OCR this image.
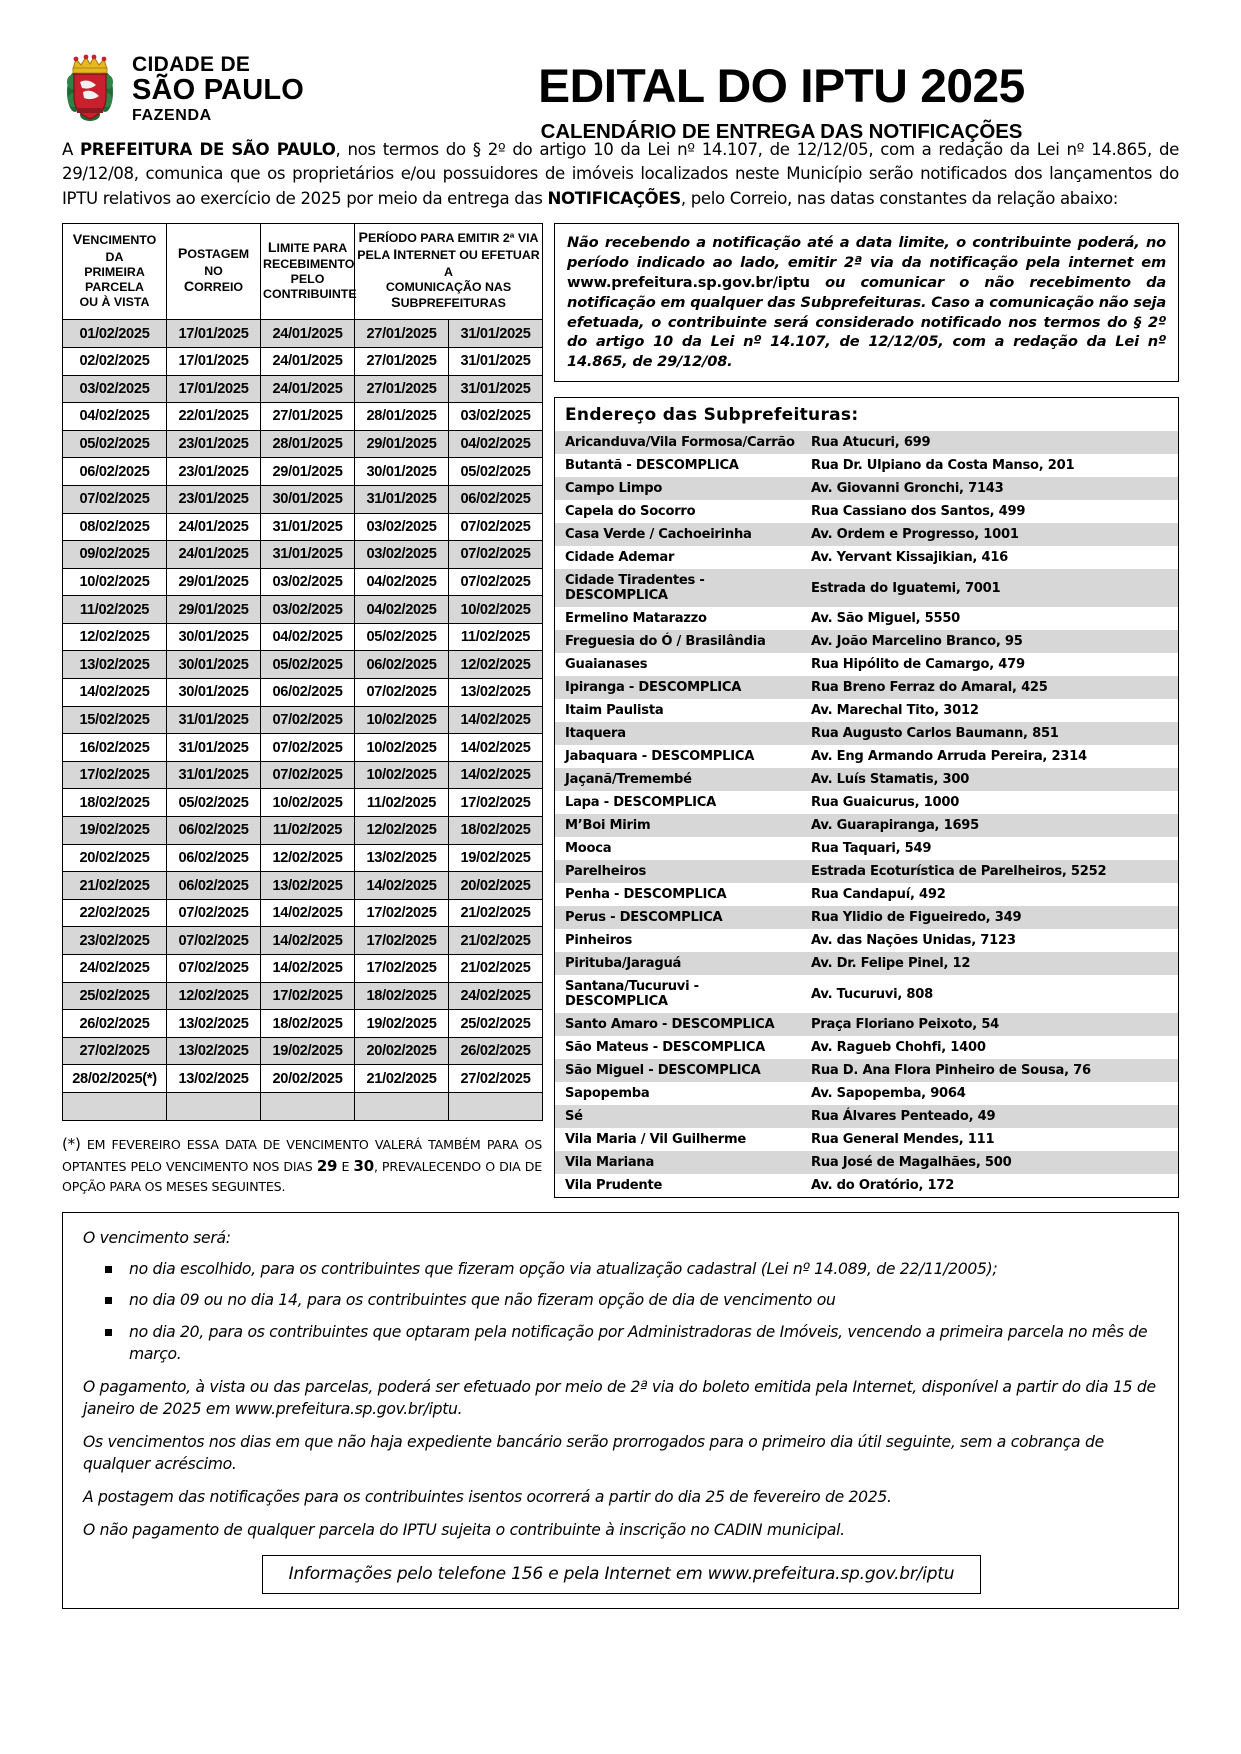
CIDADE DE
SÃO PAULO
FAZENDA
EDITAL DO IPTU 2025
CALENDÁRIO DE ENTREGA DAS NOTIFICAÇÕES
A PREFEITURA DE SÃO PAULO, nos termos do § 2º do artigo 10 da Lei nº 14.107, de 12/12/05, com a redação da Lei nº 14.865, de 29/12/08, comunica que os proprietários e/ou possuidores de imóveis localizados neste Município serão notificados dos lançamentos do IPTU relativos ao exercício de 2025 por meio da entrega das NOTIFICAÇÕES, pelo Correio, nas datas constantes da relação abaixo:
VENCIMENTO DA
PRIMEIRA PARCELA
OU À VISTA	POSTAGEM NO
CORREIO	LIMITE PARA
RECEBIMENTO
PELO
CONTRIBUINTE	PERÍODO PARA EMITIR 2ª VIA
PELA INTERNET OU EFETUAR A
COMUNICAÇÃO NAS
SUBPREFEITURAS	
01/02/2025	17/01/2025	24/01/2025	27/01/2025	31/01/2025
02/02/2025	17/01/2025	24/01/2025	27/01/2025	31/01/2025
03/02/2025	17/01/2025	24/01/2025	27/01/2025	31/01/2025
04/02/2025	22/01/2025	27/01/2025	28/01/2025	03/02/2025
05/02/2025	23/01/2025	28/01/2025	29/01/2025	04/02/2025
06/02/2025	23/01/2025	29/01/2025	30/01/2025	05/02/2025
07/02/2025	23/01/2025	30/01/2025	31/01/2025	06/02/2025
08/02/2025	24/01/2025	31/01/2025	03/02/2025	07/02/2025
09/02/2025	24/01/2025	31/01/2025	03/02/2025	07/02/2025
10/02/2025	29/01/2025	03/02/2025	04/02/2025	07/02/2025
11/02/2025	29/01/2025	03/02/2025	04/02/2025	10/02/2025
12/02/2025	30/01/2025	04/02/2025	05/02/2025	11/02/2025
13/02/2025	30/01/2025	05/02/2025	06/02/2025	12/02/2025
14/02/2025	30/01/2025	06/02/2025	07/02/2025	13/02/2025
15/02/2025	31/01/2025	07/02/2025	10/02/2025	14/02/2025
16/02/2025	31/01/2025	07/02/2025	10/02/2025	14/02/2025
17/02/2025	31/01/2025	07/02/2025	10/02/2025	14/02/2025
18/02/2025	05/02/2025	10/02/2025	11/02/2025	17/02/2025
19/02/2025	06/02/2025	11/02/2025	12/02/2025	18/02/2025
20/02/2025	06/02/2025	12/02/2025	13/02/2025	19/02/2025
21/02/2025	06/02/2025	13/02/2025	14/02/2025	20/02/2025
22/02/2025	07/02/2025	14/02/2025	17/02/2025	21/02/2025
23/02/2025	07/02/2025	14/02/2025	17/02/2025	21/02/2025
24/02/2025	07/02/2025	14/02/2025	17/02/2025	21/02/2025
25/02/2025	12/02/2025	17/02/2025	18/02/2025	24/02/2025
26/02/2025	13/02/2025	18/02/2025	19/02/2025	25/02/2025
27/02/2025	13/02/2025	19/02/2025	20/02/2025	26/02/2025
28/02/2025(*)	13/02/2025	20/02/2025	21/02/2025	27/02/2025

(*) EM FEVEREIRO ESSA DATA DE VENCIMENTO VALERÁ TAMBÉM PARA OS OPTANTES PELO VENCIMENTO NOS DIAS 29 E 30, PREVALECENDO O DIA DE OPÇÃO PARA OS MESES SEGUINTES.
Não recebendo a notificação até a data limite, o contribuinte poderá, no período indicado ao lado, emitir 2ª via da notificação pela internet em www.prefeitura.sp.gov.br/iptu ou comunicar o não recebimento da notificação em qualquer das Subprefeituras. Caso a comunicação não seja efetuada, o contribuinte será considerado notificado nos termos do § 2º do artigo 10 da Lei nº 14.107, de 12/12/05, com a redação da Lei nº 14.865, de 29/12/08.
Endereço das Subprefeituras:
Aricanduva/Vila Formosa/Carrão	Rua Atucuri, 699
Butantã - DESCOMPLICA	Rua Dr. Ulpiano da Costa Manso, 201
Campo Limpo	Av. Giovanni Gronchi, 7143
Capela do Socorro	Rua Cassiano dos Santos, 499
Casa Verde / Cachoeirinha	Av. Ordem e Progresso, 1001
Cidade Ademar	Av. Yervant Kissajikian, 416
Cidade Tiradentes - DESCOMPLICA	Estrada do Iguatemi, 7001
Ermelino Matarazzo	Av. São Miguel, 5550
Freguesia do Ó / Brasilândia	Av. João Marcelino Branco, 95
Guaianases	Rua Hipólito de Camargo, 479
Ipiranga - DESCOMPLICA	Rua Breno Ferraz do Amaral, 425
Itaim Paulista	Av. Marechal Tito, 3012
Itaquera	Rua Augusto Carlos Baumann, 851
Jabaquara - DESCOMPLICA	Av. Eng Armando Arruda Pereira, 2314
Jaçanã/Tremembé	Av. Luís Stamatis, 300
Lapa - DESCOMPLICA	Rua Guaicurus, 1000
M’Boi Mirim	Av. Guarapiranga, 1695
Mooca	Rua Taquari, 549
Parelheiros	Estrada Ecoturística de Parelheiros, 5252
Penha - DESCOMPLICA	Rua Candapuí, 492
Perus - DESCOMPLICA	Rua Ylidio de Figueiredo, 349
Pinheiros	Av. das Nações Unidas, 7123
Pirituba/Jaraguá	Av. Dr. Felipe Pinel, 12
Santana/Tucuruvi - DESCOMPLICA	Av. Tucuruvi, 808
Santo Amaro - DESCOMPLICA	Praça Floriano Peixoto, 54
São Mateus - DESCOMPLICA	Av. Ragueb Chohfi, 1400
São Miguel - DESCOMPLICA	Rua D. Ana Flora Pinheiro de Sousa, 76
Sapopemba	Av. Sapopemba, 9064
Sé	Rua Álvares Penteado, 49
Vila Maria / Vil Guilherme	Rua General Mendes, 111
Vila Mariana	Rua José de Magalhães, 500
Vila Prudente	Av. do Oratório, 172

O vencimento será:

no dia escolhido, para os contribuintes que fizeram opção via atualização cadastral (Lei nº 14.089, de 22/11/2005);
no dia 09 ou no dia 14, para os contribuintes que não fizeram opção de dia de vencimento ou
no dia 20, para os contribuintes que optaram pela notificação por Administradoras de Imóveis, vencendo a primeira parcela no mês de março.

O pagamento, à vista ou das parcelas, poderá ser efetuado por meio de 2ª via do boleto emitida pela Internet, disponível a partir do dia 15 de janeiro de 2025 em www.prefeitura.sp.gov.br/iptu.

Os vencimentos nos dias em que não haja expediente bancário serão prorrogados para o primeiro dia útil seguinte, sem a cobrança de qualquer acréscimo.

A postagem das notificações para os contribuintes isentos ocorrerá a partir do dia 25 de fevereiro de 2025.

O não pagamento de qualquer parcela do IPTU sujeita o contribuinte à inscrição no CADIN municipal.

Informações pelo telefone 156 e pela Internet em www.prefeitura.sp.gov.br/iptu
